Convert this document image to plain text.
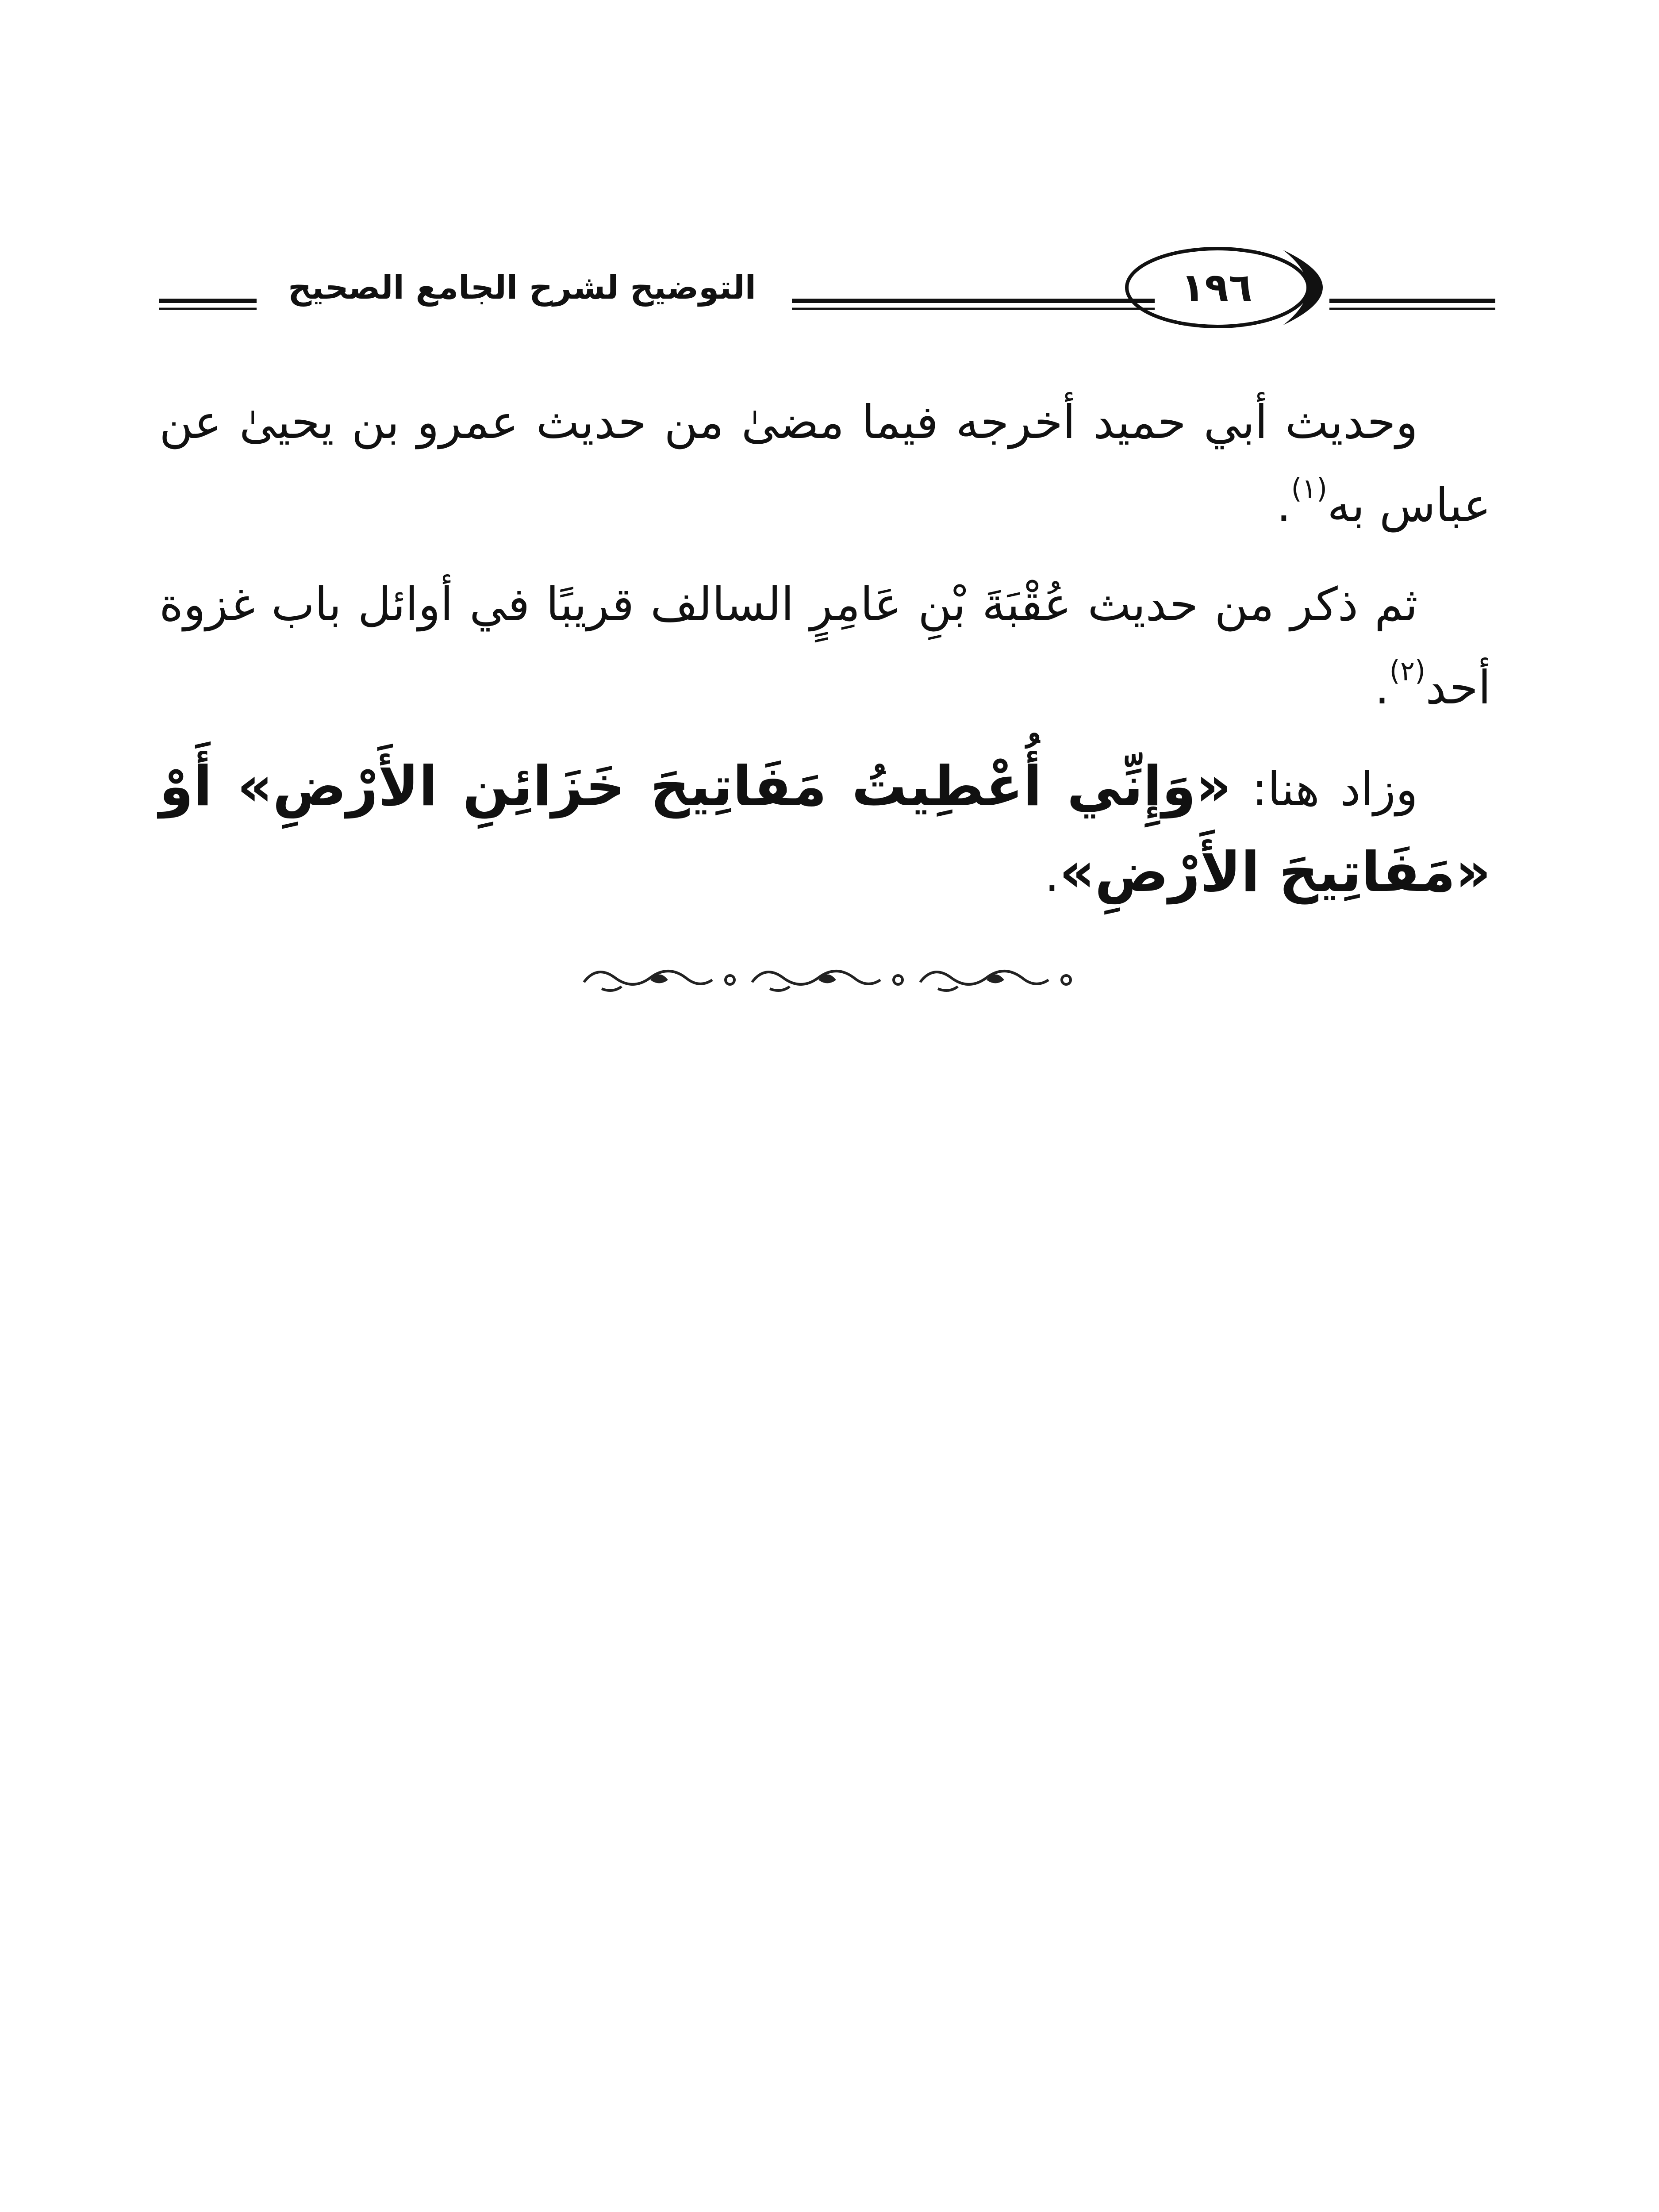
التوضيح لشرح الجامع الصحيح	١٩٦

وحديث أبي حميد أخرجه فيما مضىٰ من حديث عمرو بن يحيىٰ عن عباس به$^{(١)}$.

ثم ذكر من حديث عُقْبَةَ بْنِ عَامِرٍ السالف قريبًا في أوائل باب غزوة أحد$^{(٢)}$.

وزاد هنا: «وَإِنِّي أُعْطِيتُ مَفَاتِيحَ خَزَائِنِ الأَرْضِ» أَوْ «مَفَاتِيحَ الأَرْضِ».
